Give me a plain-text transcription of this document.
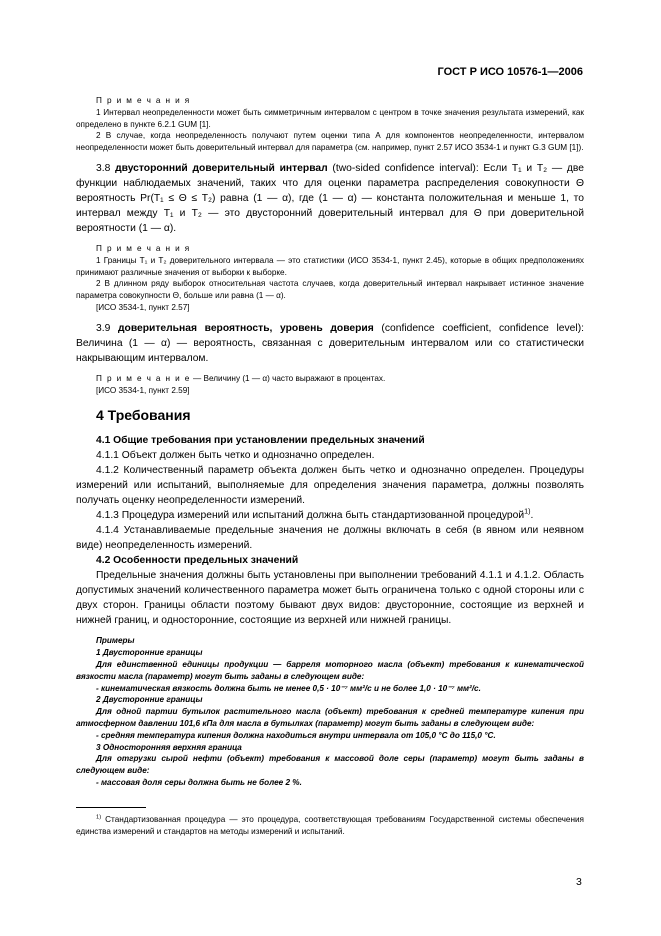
ГОСТ Р ИСО 10576-1—2006
П р и м е ч а н и я
1 Интервал неопределенности может быть симметричным интервалом с центром в точке значения результата измерений, как определено в пункте 6.2.1 GUM [1].
2 В случае, когда неопределенность получают путем оценки типа А для компонентов неопределенности, интервалом неопределенности может быть доверительный интервал для параметра (см. например, пункт 2.57 ИСО 3534-1 и пункт G.3 GUM [1]).
3.8 двусторонний доверительный интервал (two-sided confidence interval): Если T₁ и T₂ — две функции наблюдаемых значений, таких что для оценки параметра распределения совокупности Θ вероятность Pr(T₁ ≤ Θ ≤ T₂) равна (1 — α), где (1 — α) — константа положительная и меньше 1, то интервал между T₁ и T₂ — это двусторонний доверительный интервал для Θ при доверительной вероятности (1 — α).
П р и м е ч а н и я
1 Границы T₁ и T₂ доверительного интервала — это статистики (ИСО 3534-1, пункт 2.45), которые в общих предположениях принимают различные значения от выборки к выборке.
2 В длинном ряду выборок относительная частота случаев, когда доверительный интервал накрывает истинное значение параметра совокупности Θ, больше или равна (1 — α).
[ИСО 3534-1, пункт 2.57]
3.9 доверительная вероятность, уровень доверия (confidence coefficient, confidence level): Величина (1 — α) — вероятность, связанная с доверительным интервалом или со статистически накрывающим интервалом.
П р и м е ч а н и е — Величину (1 — α) часто выражают в процентах.
[ИСО 3534-1, пункт 2.59]
4 Требования
4.1 Общие требования при установлении предельных значений
4.1.1 Объект должен быть четко и однозначно определен.
4.1.2 Количественный параметр объекта должен быть четко и однозначно определен. Процедуры измерений или испытаний, выполняемые для определения значения параметра, должны позволять получать оценку неопределенности измерений.
4.1.3 Процедура измерений или испытаний должна быть стандартизованной процедурой$^{1)}$.
4.1.4 Устанавливаемые предельные значения не должны включать в себя (в явном или неявном виде) неопределенность измерений.
4.2 Особенности предельных значений
Предельные значения должны быть установлены при выполнении требований 4.1.1 и 4.1.2. Область допустимых значений количественного параметра может быть ограничена только с одной стороны или с двух сторон. Границы области поэтому бывают двух видов: двусторонние, состоящие из верхней и нижней границ, и односторонние, состоящие из верхней или нижней границы.
Примеры
1 Двусторонние границы
Для единственной единицы продукции — барреля моторного масла (объект) требования к кинематической вязкости масла (параметр) могут быть заданы в следующем виде:
- кинематическая вязкость должна быть не менее 0,5 · 10⁻⁷ мм²/с и не более 1,0 · 10⁻⁷ мм²/с.
2 Двусторонние границы
Для одной партии бутылок растительного масла (объект) требования к средней температуре кипения при атмосферном давлении 101,6 кПа для масла в бутылках (параметр) могут быть заданы в следующем виде:
- средняя температура кипения должна находиться внутри интервала от 105,0 °С до 115,0 °С.
3 Односторонняя верхняя граница
Для отгрузки сырой нефти (объект) требования к массовой доле серы (параметр) могут быть заданы в следующем виде:
- массовая доля серы должна быть не более 2 %.
$^{1)}$ Стандартизованная процедура — это процедура, соответствующая требованиям Государственной системы обеспечения единства измерений и стандартов на методы измерений и испытаний.
3
